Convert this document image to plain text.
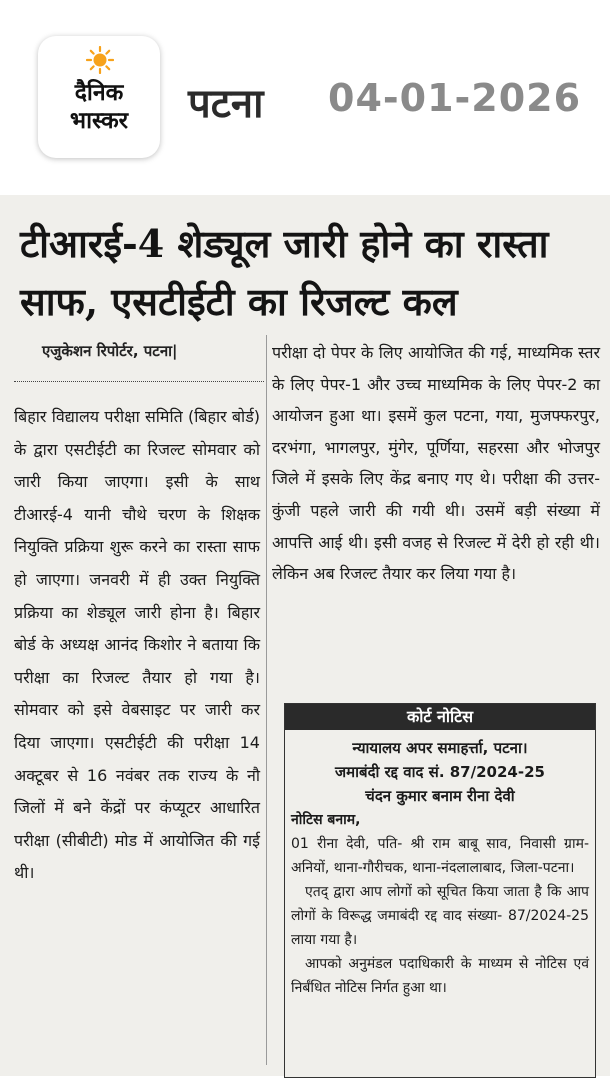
दैनिक
भास्कर	पटना 04-01-2026
टीआरई-4 शेड्यूल जारी होने का रास्ता
साफ, एसटीईटी का रिजल्ट कल
एजुकेशन रिपोर्टर, पटना|

बिहार विद्यालय परीक्षा समिति (बिहार बोर्ड) के द्वारा एसटीईटी का रिजल्ट सोमवार को जारी किया जाएगा। इसी के साथ टीआरई-4 यानी चौथे चरण के शिक्षक नियुक्ति प्रक्रिया शुरू करने का रास्ता साफ हो जाएगा। जनवरी में ही उक्त नियुक्ति प्रक्रिया का शेड्यूल जारी होना है। बिहार बोर्ड के अध्यक्ष आनंद किशोर ने बताया कि परीक्षा का रिजल्ट तैयार हो गया है। सोमवार को इसे वेबसाइट पर जारी कर दिया जाएगा। एसटीईटी की परीक्षा 14 अक्टूबर से 16 नवंबर तक राज्य के नौ जिलों में बने केंद्रों पर कंप्यूटर आधारित परीक्षा (सीबीटी) मोड में आयोजित की गई थी।

परीक्षा दो पेपर के लिए आयोजित की गई, माध्यमिक स्तर के लिए पेपर-1 और उच्च माध्यमिक के लिए पेपर-2 का आयोजन हुआ था। इसमें कुल पटना, गया, मुजफ्फरपुर, दरभंगा, भागलपुर, मुंगेर, पूर्णिया, सहरसा और भोजपुर जिले में इसके लिए केंद्र बनाए गए थे। परीक्षा की उत्तर-कुंजी पहले जारी की गयी थी। उसमें बड़ी संख्या में आपत्ति आई थी। इसी वजह से रिजल्ट में देरी हो रही थी। लेकिन अब रिजल्ट तैयार कर लिया गया है।

कोर्ट नोटिस
न्यायालय अपर समाहर्त्ता, पटना।
जमाबंदी रद्द वाद सं. 87/2024-25
चंदन कुमार बनाम रीना देवी
नोटिस बनाम,
01 रीना देवी, पति- श्री राम बाबू साव, निवासी ग्राम-अनियों, थाना-गौरीचक, थाना-नंदलालाबाद, जिला-पटना।
एतद् द्वारा आप लोगों को सूचित किया जाता है कि आप लोगों के विरूद्ध जमाबंदी रद्द वाद संख्या- 87/2024-25 लाया गया है।
आपको अनुमंडल पदाधिकारी के माध्यम से नोटिस एवं निर्बंधित नोटिस निर्गत हुआ था।
